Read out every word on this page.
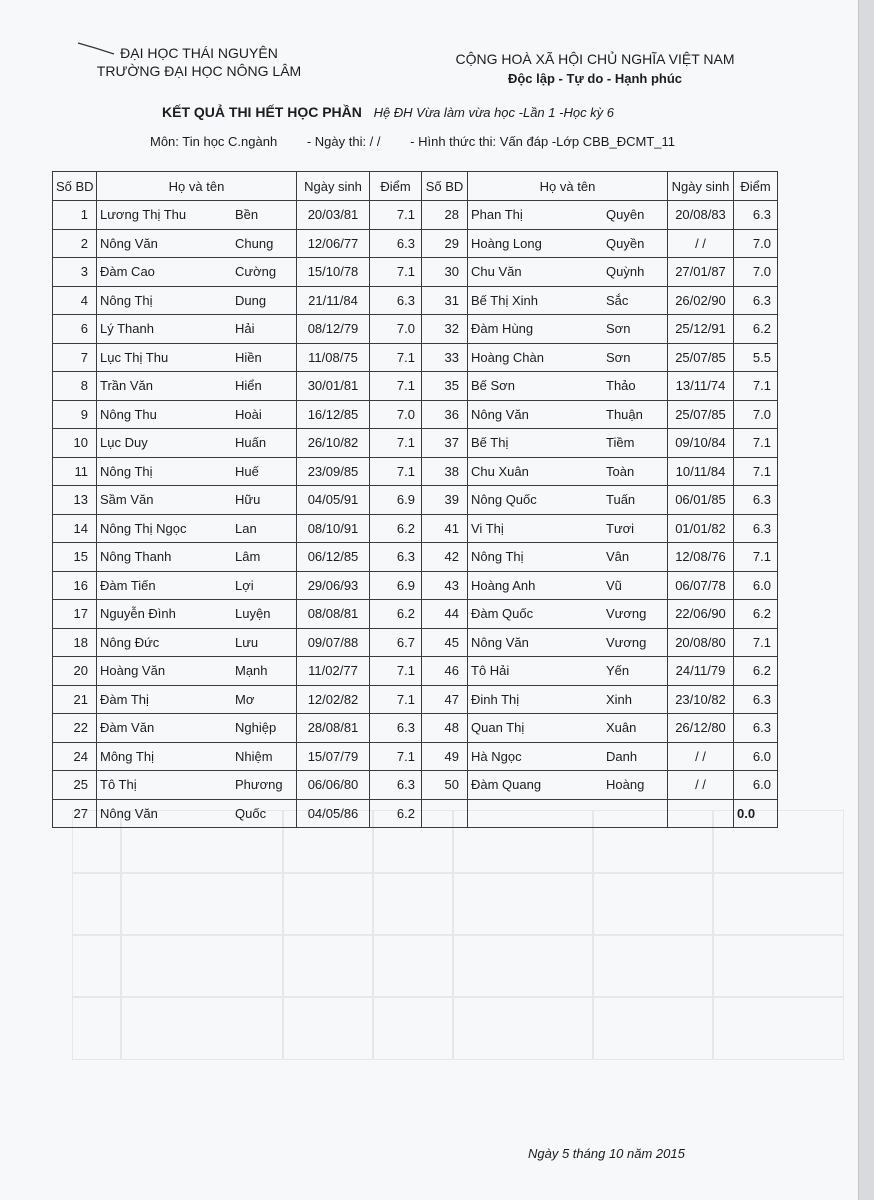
ĐẠI HỌC THÁI NGUYÊN
TRƯỜNG ĐẠI HỌC NÔNG LÂM
CỘNG HOÀ XÃ HỘI CHỦ NGHĨA VIỆT NAM
Độc lập - Tự do - Hạnh phúc
KẾT QUẢ THI HẾT HỌC PHẦN Hệ ĐH Vừa làm vừa học -Lần 1 -Học kỳ 6
Môn: Tin học C.ngành - Ngày thi: / / - Hình thức thi: Vấn đáp -Lớp CBB_ĐCMT_11
Số BD	Họ và tên	Ngày sinh	Điểm	Số BD	Họ và tên	Ngày sinh	Điểm
1	Lương Thị Thu Bền	20/03/81	7.1	28	Phan Thị Quyên	20/08/83	6.3
2	Nông Văn Chung	12/06/77	6.3	29	Hoàng Long Quyền	/ /	7.0
3	Đàm Cao Cường	15/10/78	7.1	30	Chu Văn Quỳnh	27/01/87	7.0
4	Nông Thị Dung	21/11/84	6.3	31	Bế Thị Xinh Sắc	26/02/90	6.3
6	Lý Thanh Hải	08/12/79	7.0	32	Đàm Hùng Sơn	25/12/91	6.2
7	Lục Thị Thu Hiền	11/08/75	7.1	33	Hoàng Chàn Sơn	25/07/85	5.5
8	Trần Văn Hiển	30/01/81	7.1	35	Bế Sơn Thảo	13/11/74	7.1
9	Nông Thu Hoài	16/12/85	7.0	36	Nông Văn Thuận	25/07/85	7.0
10	Lục Duy Huấn	26/10/82	7.1	37	Bế Thị Tiềm	09/10/84	7.1
11	Nông Thị Huế	23/09/85	7.1	38	Chu Xuân Toàn	10/11/84	7.1
13	Sầm Văn Hữu	04/05/91	6.9	39	Nông Quốc Tuấn	06/01/85	6.3
14	Nông Thị Ngọc Lan	08/10/91	6.2	41	Vi Thị Tươi	01/01/82	6.3
15	Nông Thanh Lâm	06/12/85	6.3	42	Nông Thị Vân	12/08/76	7.1
16	Đàm Tiến Lợi	29/06/93	6.9	43	Hoàng Anh Vũ	06/07/78	6.0
17	Nguyễn Đình Luyện	08/08/81	6.2	44	Đàm Quốc Vương	22/06/90	6.2
18	Nông Đức Lưu	09/07/88	6.7	45	Nông Văn Vương	20/08/80	7.1
20	Hoàng Văn Mạnh	11/02/77	7.1	46	Tô Hải Yến	24/11/79	6.2
21	Đàm Thị Mơ	12/02/82	7.1	47	Đinh Thị Xinh	23/10/82	6.3
22	Đàm Văn Nghiệp	28/08/81	6.3	48	Quan Thị Xuân	26/12/80	6.3
24	Mông Thị Nhiệm	15/07/79	7.1	49	Hà Ngọc Danh	/ /	6.0
25	Tô Thị Phương	06/06/80	6.3	50	Đàm Quang Hoàng	/ /	6.0
27	Nông Văn Quốc	04/05/86	6.2				0.0
Ngày 5 tháng 10 năm 2015
